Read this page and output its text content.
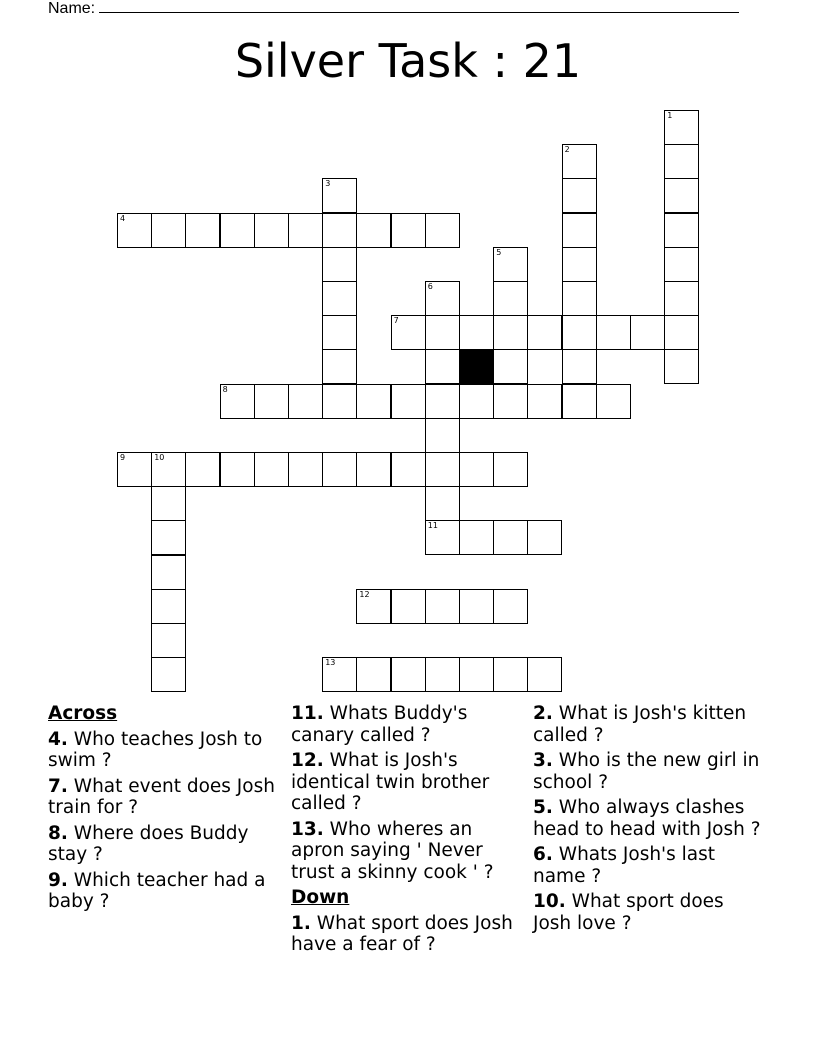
Name:
Silver Task : 21
4
7
8
9	10
11
12
13
1
2
3
5
6
Across
4. Who teaches Josh to swim ?
7. What event does Josh train for ?
8. Where does Buddy stay ?
9. Which teacher had a baby ?
11. Whats Buddy's canary called ?
12. What is Josh's identical twin brother called ?
13. Who wheres an apron saying ' Never trust a skinny cook ' ?
Down
1. What sport does Josh have a fear of ?
2. What is Josh's kitten called ?
3. Who is the new girl in school ?
5. Who always clashes head to head with Josh ?
6. Whats Josh's last name ?
10. What sport does Josh love ?
